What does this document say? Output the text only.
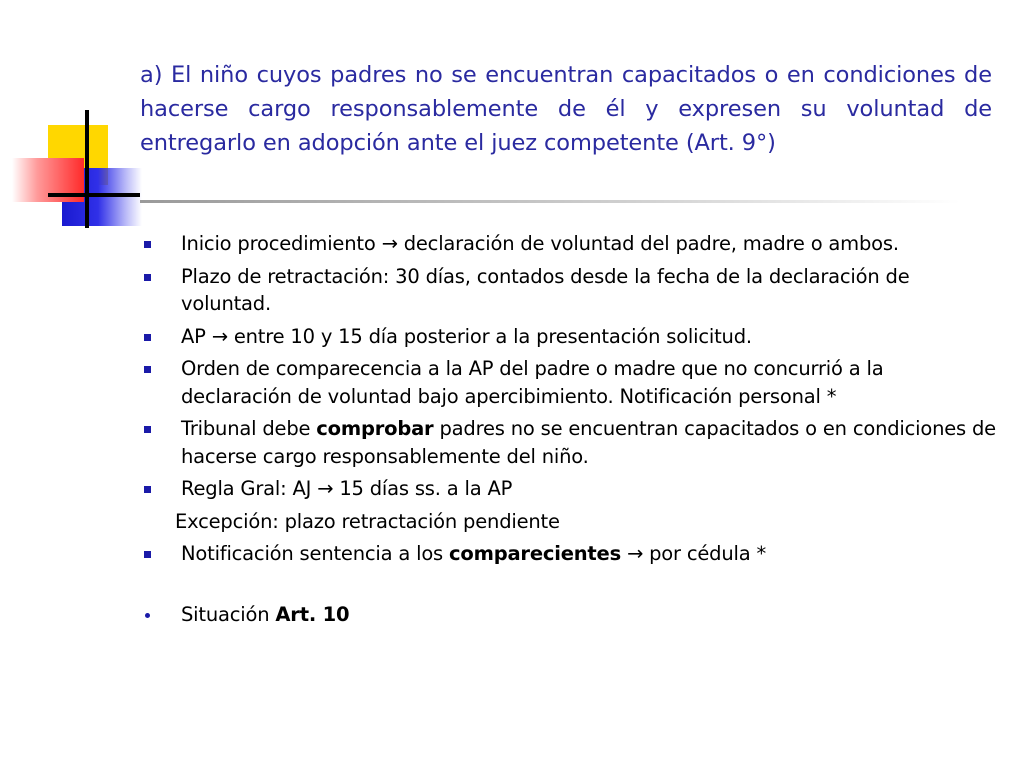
a) El niño cuyos padres no se encuentran capacitados o en condiciones de hacerse cargo responsablemente de él y expresen su voluntad de entregarlo en adopción ante el juez competente (Art. 9°)
Inicio procedimiento → declaración de voluntad del padre, madre o ambos.
Plazo de retractación: 30 días, contados desde la fecha de la declaración de voluntad.
AP → entre 10 y 15 día posterior a la presentación solicitud.
Orden de comparecencia a la AP del padre o madre que no concurrió a la declaración de voluntad bajo apercibimiento. Notificación personal *
Tribunal debe comprobar padres no se encuentran capacitados o en condiciones de hacerse cargo responsablemente del niño.
Regla Gral: AJ → 15 días ss. a la AP
Excepción: plazo retractación pendiente
Notificación sentencia a los comparecientes → por cédula *
Situación Art. 10
